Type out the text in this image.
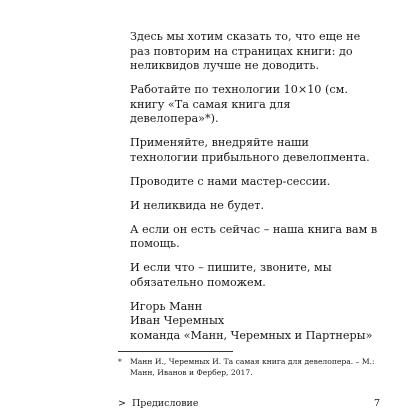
Здесь мы хотим сказать то, что еще не раз повторим на страницах книги: до неликвидов лучше не доводить.

Работайте по технологии 10×10 (см. книгу «Та самая книга для девелопера»*).

Применяйте, внедряйте наши технологии прибыльного девелопмента.

Проводите с нами мастер-сессии.

И неликвида не будет.

А если он есть сейчас – наша книга вам в помощь.

И если что – пишите, звоните, мы обязательно поможем.

Игорь Манн
Иван Черемных
команда «Манн, Черемных и Партнеры»

*	Манн И., Черемных И. Та самая книга для девелопера. – М.: Манн, Иванов и Фербер, 2017.
> Предисловие	7
